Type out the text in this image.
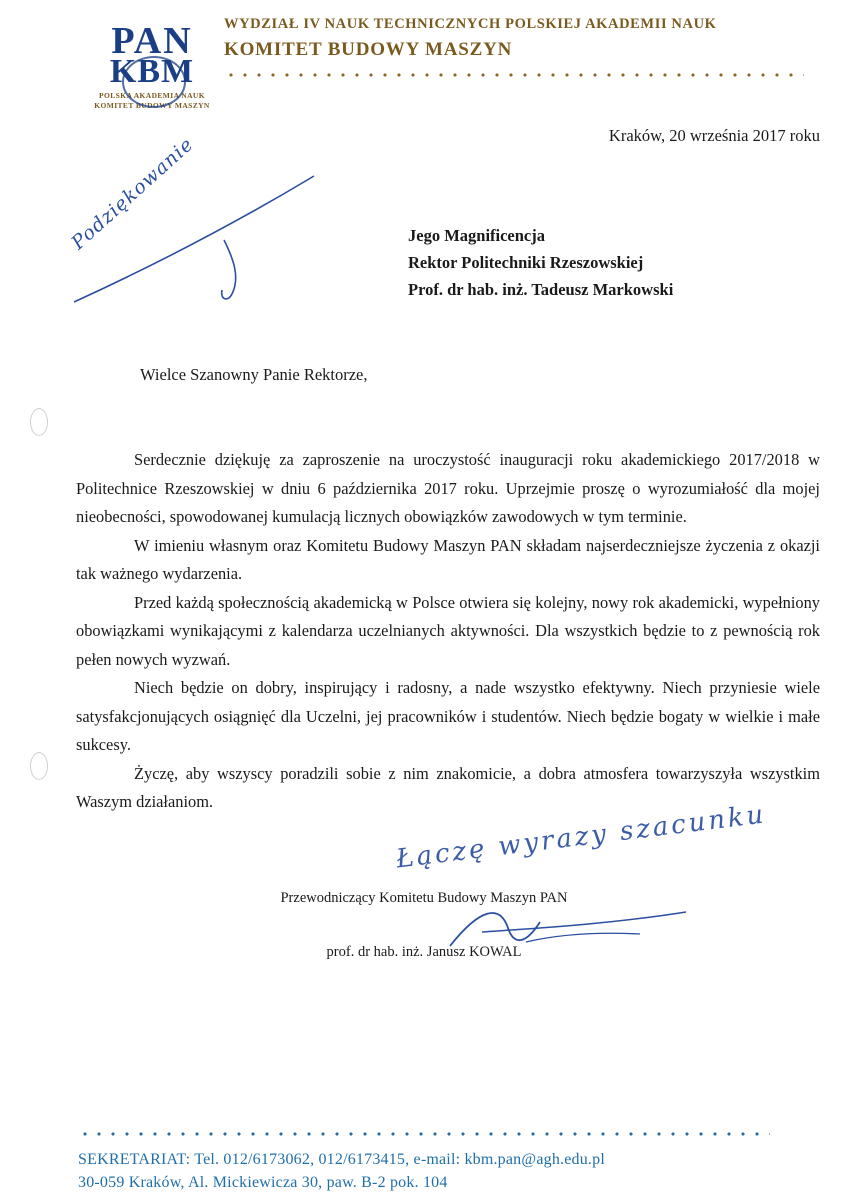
PAN
KBM
POLSKA AKADEMIA NAUK
KOMITET BUDOWY MASZYN
WYDZIAŁ IV NAUK TECHNICZNYCH POLSKIEJ AKADEMII NAUK
KOMITET BUDOWY MASZYN
Kraków, 20 września 2017 roku
Podziękowanie	Jego Magnificencja
Rektor Politechniki Rzeszowskiej
Prof. dr hab. inż. Tadeusz Markowski
Wielce Szanowny Panie Rektorze,

Serdecznie dziękuję za zaproszenie na uroczystość inauguracji roku akademickiego 2017/2018 w Politechnice Rzeszowskiej w dniu 6 października 2017 roku. Uprzejmie proszę o wyrozumiałość dla mojej nieobecności, spowodowanej kumulacją licznych obowiązków zawodowych w tym terminie.

W imieniu własnym oraz Komitetu Budowy Maszyn PAN składam najserdeczniejsze życzenia z okazji tak ważnego wydarzenia.

Przed każdą społecznością akademicką w Polsce otwiera się kolejny, nowy rok akademicki, wypełniony obowiązkami wynikającymi z kalendarza uczelnianych aktywności. Dla wszystkich będzie to z pewnością rok pełen nowych wyzwań.

Niech będzie on dobry, inspirujący i radosny, a nade wszystko efektywny. Niech przyniesie wiele satysfakcjonujących osiągnięć dla Uczelni, jej pracowników i studentów. Niech będzie bogaty w wielkie i małe sukcesy.

Życzę, aby wszyscy poradzili sobie z nim znakomicie, a dobra atmosfera towarzyszyła wszystkim Waszym działaniom.	Łączę wyrazy szacunku
Przewodniczący Komitetu Budowy Maszyn PAN
prof. dr hab. inż. Janusz KOWAL
SEKRETARIAT: Tel. 012/6173062, 012/6173415, e-mail: kbm.pan@agh.edu.pl
30-059 Kraków, Al. Mickiewicza 30, paw. B-2 pok. 104
